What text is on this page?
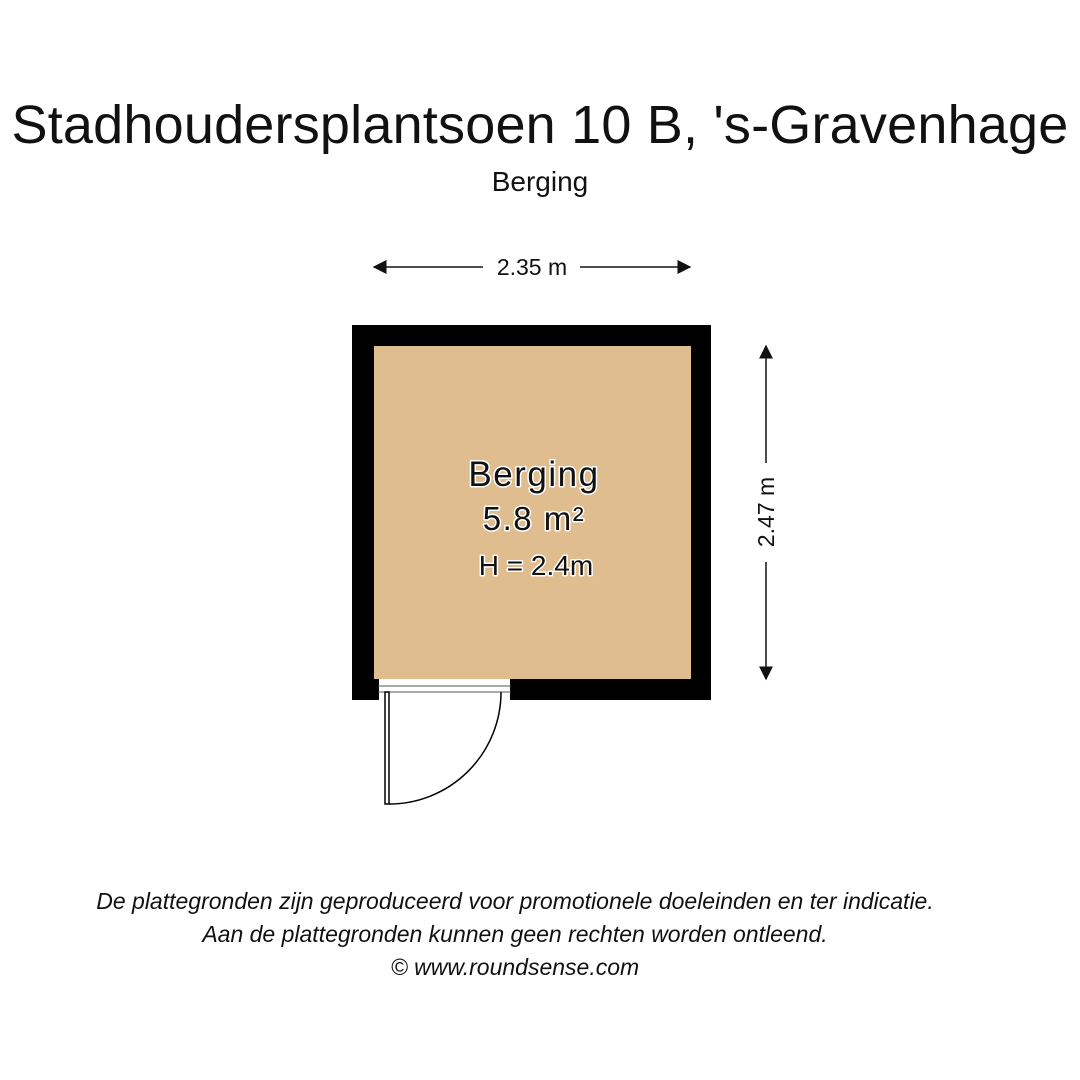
Stadhoudersplantsoen 10 B, 's-Gravenhage
Berging
Berging
5.8 m²
H = 2.4m
2.35 m
2.47 m
De plattegronden zijn geproduceerd voor promotionele doeleinden en ter indicatie.
Aan de plattegronden kunnen geen rechten worden ontleend.
© www.roundsense.com
